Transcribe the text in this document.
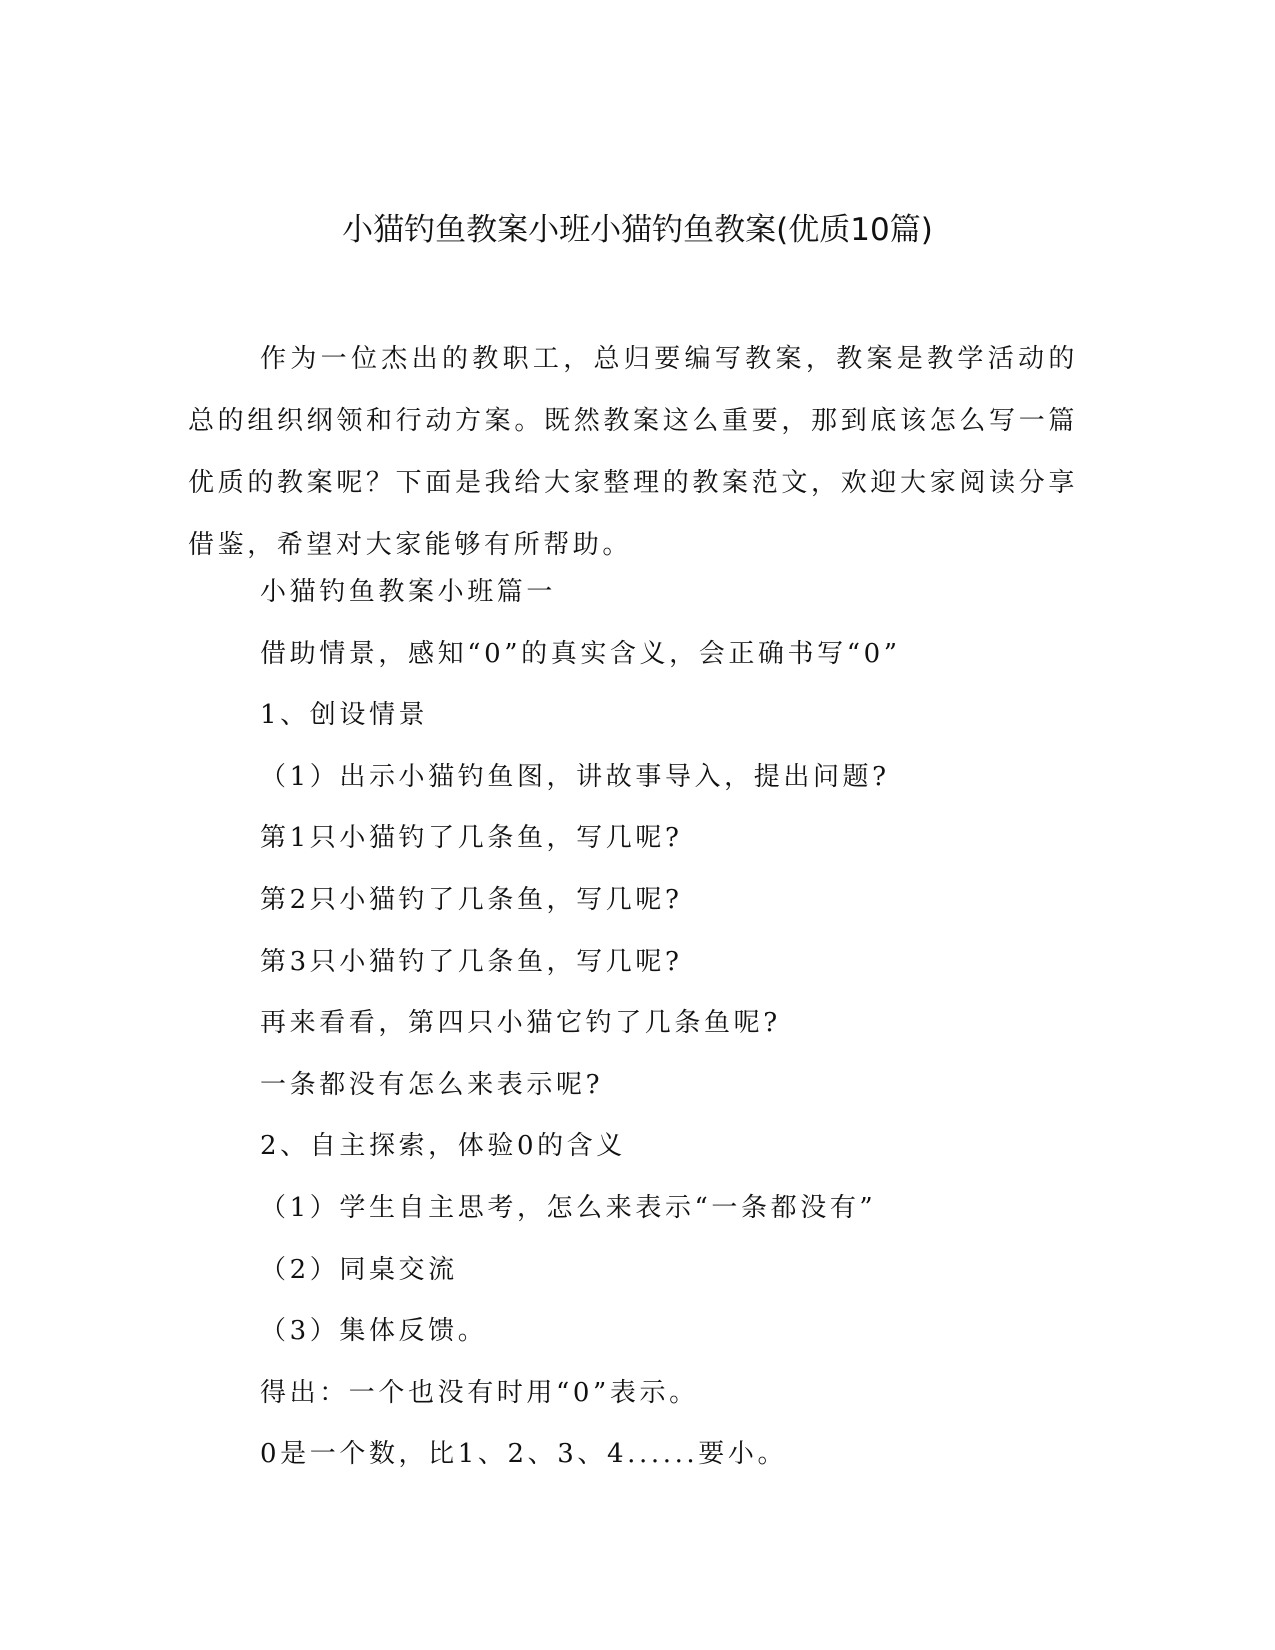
小猫钓鱼教案小班小猫钓鱼教案(优质10篇)

作为一位杰出的教职工，总归要编写教案，教案是教学活动的总的组织纲领和行动方案。既然教案这么重要，那到底该怎么写一篇优质的教案呢？下面是我给大家整理的教案范文，欢迎大家阅读分享借鉴，希望对大家能够有所帮助。

小猫钓鱼教案小班篇一
借助情景，感知“0”的真实含义，会正确书写“0”
1、创设情景
（1）出示小猫钓鱼图，讲故事导入，提出问题?
第1只小猫钓了几条鱼，写几呢?
第2只小猫钓了几条鱼，写几呢?
第3只小猫钓了几条鱼，写几呢?
再来看看，第四只小猫它钓了几条鱼呢?
一条都没有怎么来表示呢?
2、自主探索，体验0的含义
（1）学生自主思考，怎么来表示“一条都没有”
（2）同桌交流
（3）集体反馈。
得出：一个也没有时用“0”表示。
0是一个数，比1、2、3、4......要小。
